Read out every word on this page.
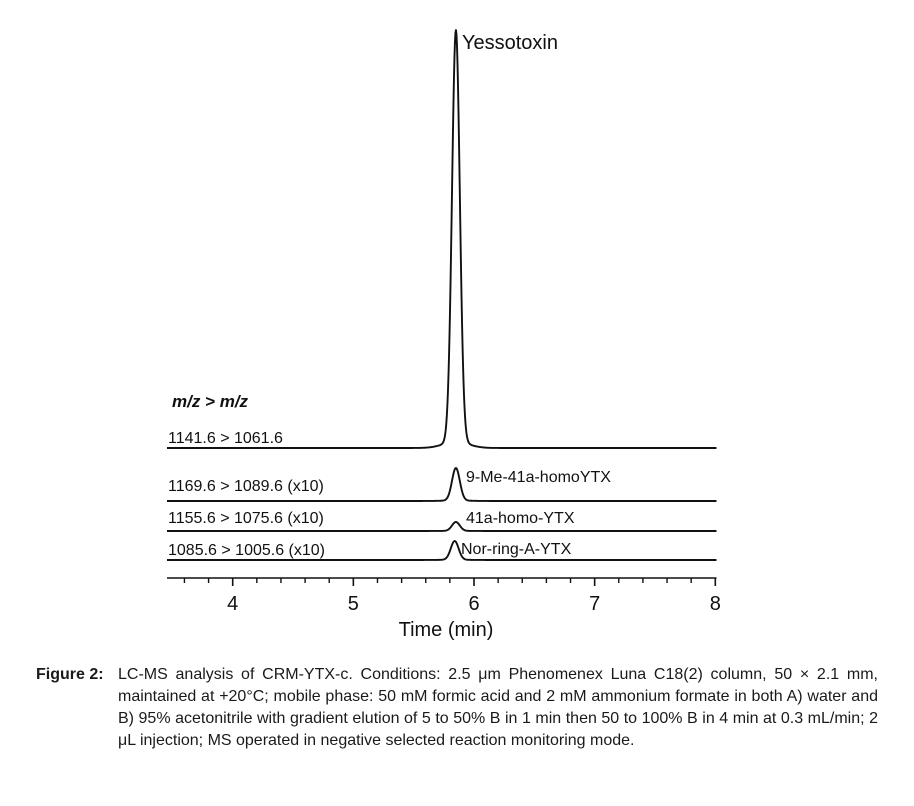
Yessotoxin
m/z > m/z
1141.6 > 1061.6
1169.6 > 1089.6 (x10)
1155.6 > 1075.6 (x10)
1085.6 > 1005.6 (x10)
9-Me-41a-homoYTX
41a-homo-YTX
Nor-ring-A-YTX
Time (min)
4	5	6	7	8
Figure 2: LC-MS analysis of CRM-YTX-c. Conditions: 2.5 μm Phenomenex Luna C18(2) column, 50 × 2.1 mm, maintained at +20°C; mobile phase: 50 mM formic acid and 2 mM ammonium formate in both A) water and B) 95% acetonitrile with gradient elution of 5 to 50% B in 1 min then 50 to 100% B in 4 min at 0.3 mL/min; 2 μL injection; MS operated in negative selected reaction monitoring mode.
